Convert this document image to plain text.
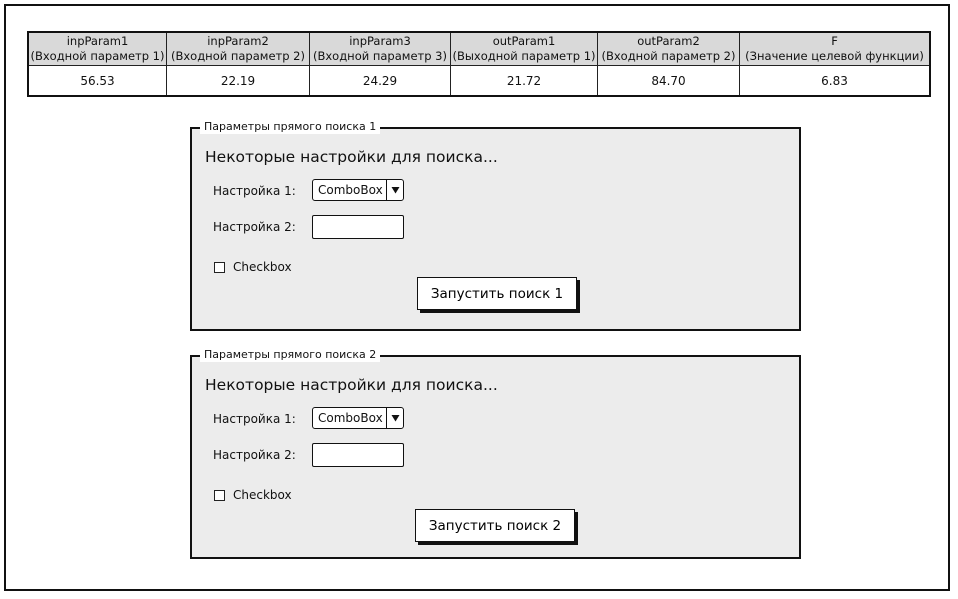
inpParam1
(Входной параметр 1)
56.53
inpParam2
(Входной параметр 2)
22.19
inpParam3
(Входной параметр 3)
24.29
outParam1
(Выходной параметр 1)
21.72
outParam2
(Входной параметр 2)
84.70
F
(Значение целевой функции)
6.83
Параметры прямого поиска 1
Некоторые настройки для поиска...
Настройка 1:	ComboBox
Настройка 2:
Checkbox
Запустить поиск 1
Параметры прямого поиска 2
Некоторые настройки для поиска...
Настройка 1:	ComboBox
Настройка 2:
Checkbox
Запустить поиск 2
